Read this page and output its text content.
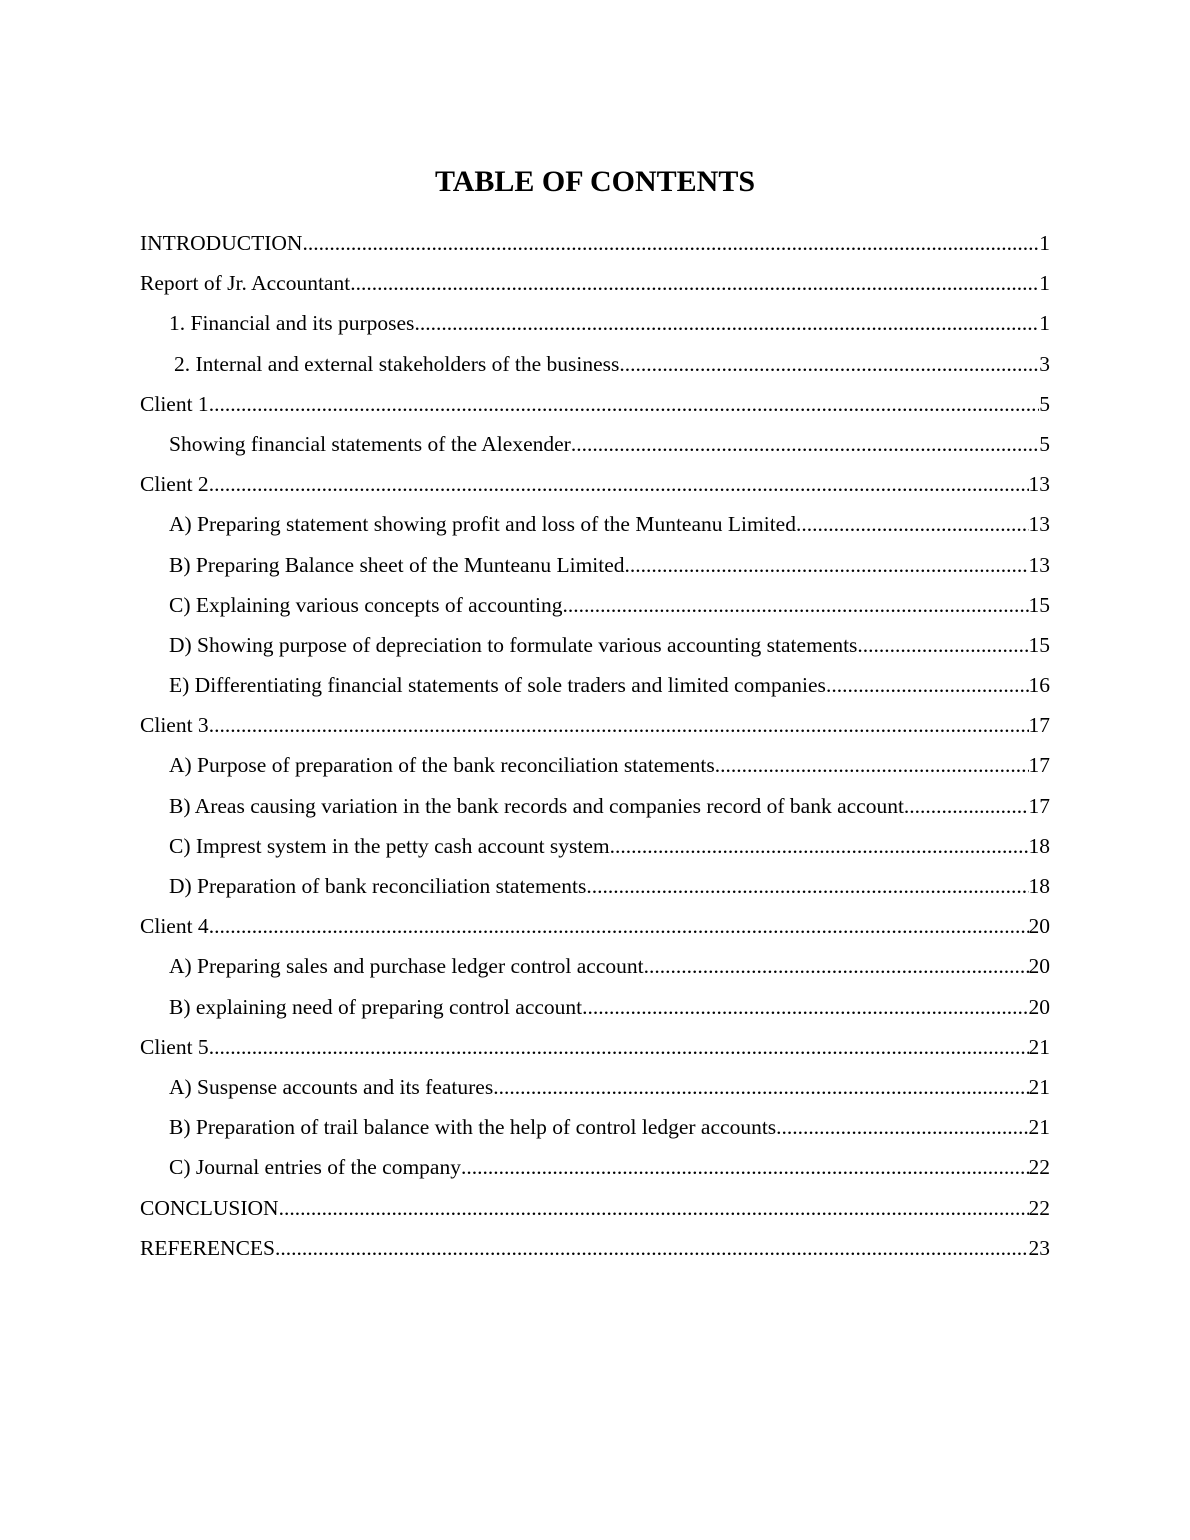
TABLE OF CONTENTS
INTRODUCTION .....	1
Report of Jr. Accountant .....	1
1. Financial and its purposes .....	1
2. Internal and external stakeholders of the business .....	3
Client 1 .....	5
Showing financial statements of the Alexender .....	5
Client 2 .....	13
A) Preparing statement showing profit and loss of the Munteanu Limited .....	13
B) Preparing Balance sheet of the Munteanu Limited .....	13
C) Explaining various concepts of accounting .....	15
D) Showing purpose of depreciation to formulate various accounting statements .....	15
E) Differentiating financial statements of sole traders and limited companies .....	16
Client 3 .....	17
A) Purpose of preparation of the bank reconciliation statements .....	17
B) Areas causing variation in the bank records and companies record of bank account .....	17
C) Imprest system in the petty cash account system .....	18
D) Preparation of bank reconciliation statements .....	18
Client 4 .....	20
A) Preparing sales and purchase ledger control account .....	20
B) explaining need of preparing control account .....	20
Client 5 .....	21
A) Suspense accounts and its features .....	21
B) Preparation of trail balance with the help of control ledger accounts .....	21
C) Journal entries of the company .....	22
CONCLUSION .....	22
REFERENCES .....	23
